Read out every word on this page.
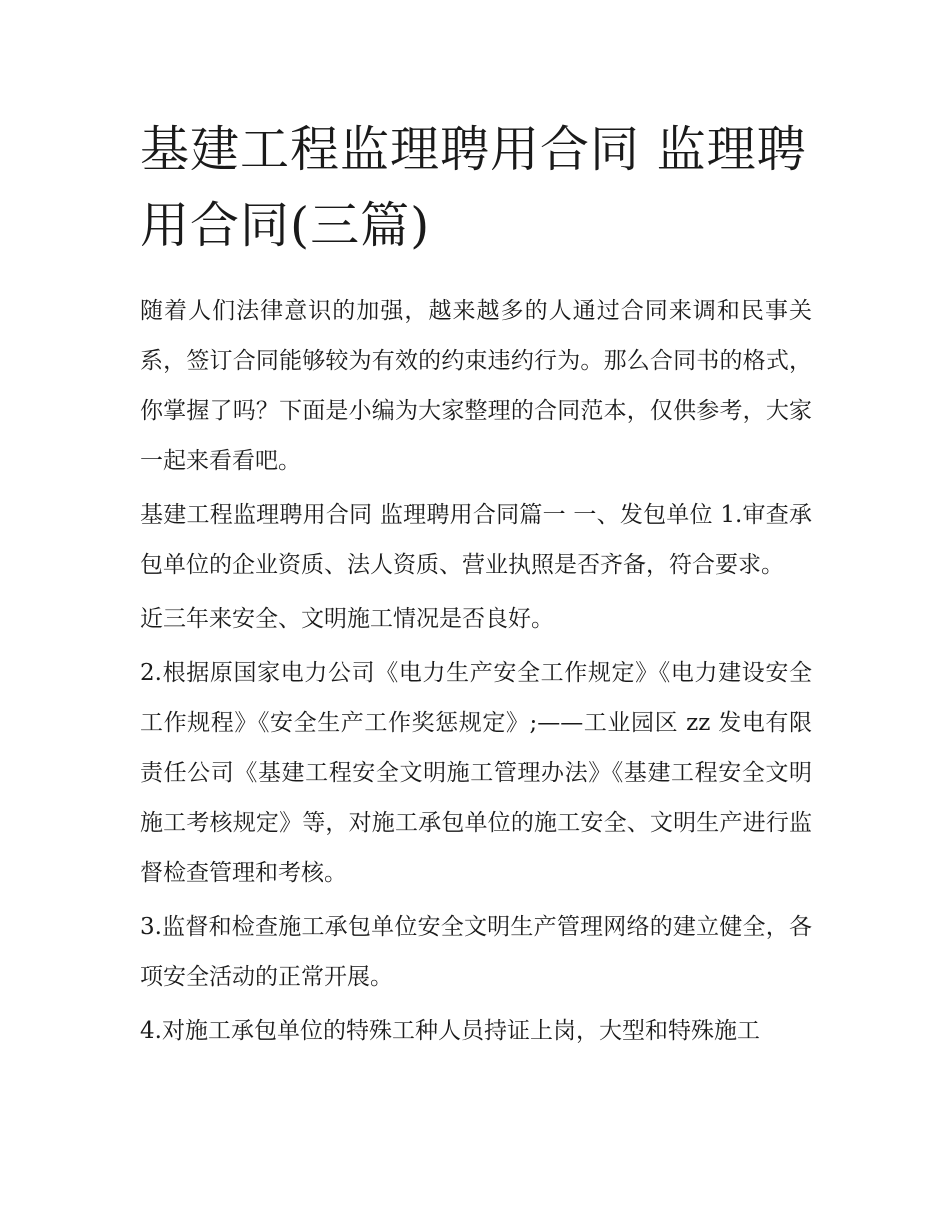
基建工程监理聘用合同 监理聘用合同(三篇)

随着人们法律意识的加强，越来越多的人通过合同来调和民事关系，签订合同能够较为有效的约束违约行为。那么合同书的格式，你掌握了吗？下面是小编为大家整理的合同范本，仅供参考，大家一起来看看吧。

基建工程监理聘用合同 监理聘用合同篇一 一、发包单位 1.审查承包单位的企业资质、法人资质、营业执照是否齐备，符合要求。

近三年来安全、文明施工情况是否良好。

2.根据原国家电力公司《电力生产安全工作规定》《电力建设安全工作规程》《安全生产工作奖惩规定》;——工业园区 zz 发电有限责任公司《基建工程安全文明施工管理办法》《基建工程安全文明施工考核规定》等，对施工承包单位的施工安全、文明生产进行监督检查管理和考核。

3.监督和检查施工承包单位安全文明生产管理网络的建立健全，各项安全活动的正常开展。

4.对施工承包单位的特殊工种人员持证上岗，大型和特殊施工
